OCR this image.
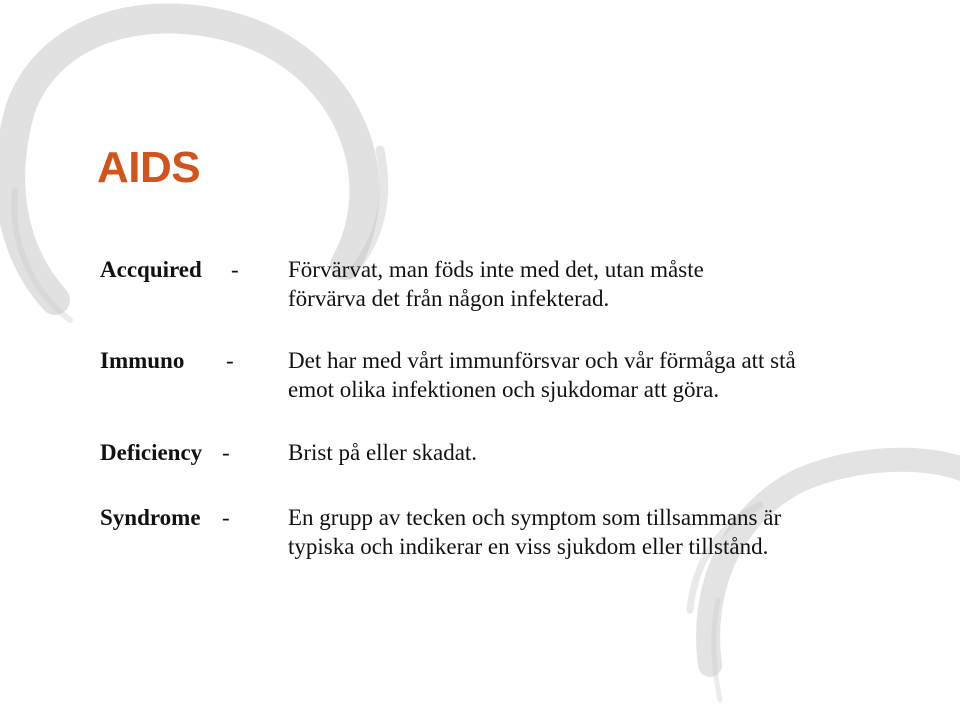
AIDS
Accquired - Förvärvat, man föds inte med det, utan måste
förvärva det från någon infekterad.
Immuno - Det har med vårt immunförsvar och vår förmåga att stå
emot olika infektionen och sjukdomar att göra.
Deficiency -	Brist på eller skadat.
Syndrome -	En grupp av tecken och symptom som tillsammans är
typiska och indikerar en viss sjukdom eller tillstånd.
